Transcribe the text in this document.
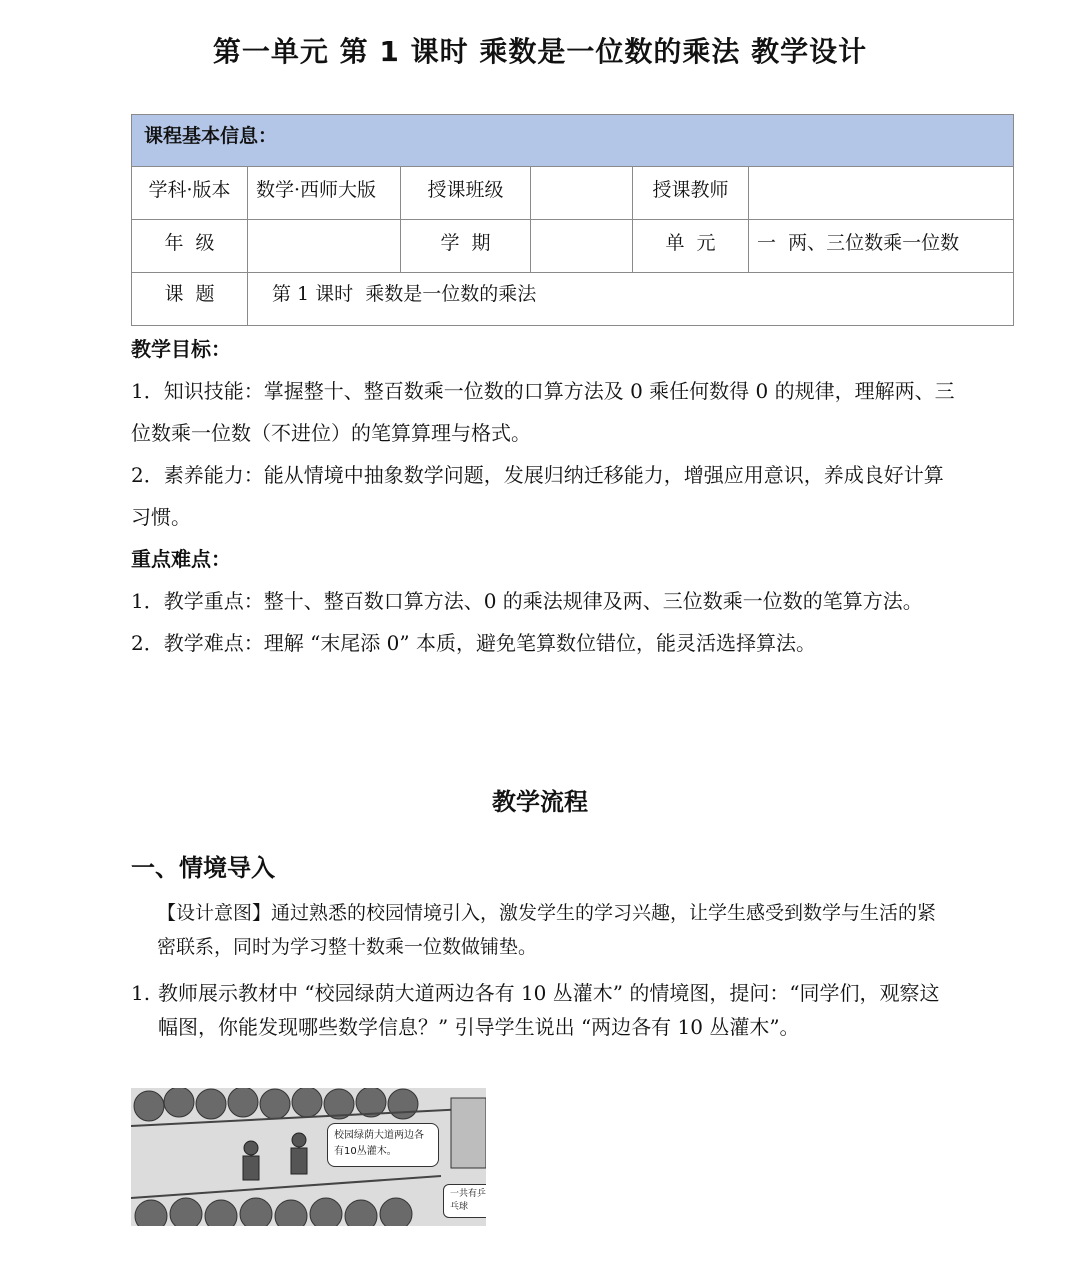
第一单元 第 1 课时 乘数是一位数的乘法 教学设计
课程基本信息：					
学科·版本	数学·西师大版	授课班级		授课教师	
年  级		学  期		单  元	一  两、三位数乘一位数
课  题	第 1 课时  乘数是一位数的乘法				

教学目标：

1．知识技能：掌握整十、整百数乘一位数的口算方法及 0 乘任何数得 0 的规律，理解两、三位数乘一位数（不进位）的笔算算理与格式。

2．素养能力：能从情境中抽象数学问题，发展归纳迁移能力，增强应用意识，养成良好计算习惯。

重点难点：

1．教学重点：整十、整百数口算方法、0 的乘法规律及两、三位数乘一位数的笔算方法。

2．教学难点：理解 “末尾添 0” 本质，避免笔算数位错位，能灵活选择算法。

教学流程
一、情境导入

【设计意图】通过熟悉的校园情境引入，激发学生的学习兴趣，让学生感受到数学与生活的紧密联系，同时为学习整十数乘一位数做铺垫。

1. 教师展示教材中 “校园绿荫大道两边各有 10 丛灌木” 的情境图，提问：“同学们，观察这幅图，你能发现哪些数学信息？” 引导学生说出 “两边各有 10 丛灌木”。

校园绿荫大道两边各有10丛灌木。
一共有乒乓球
